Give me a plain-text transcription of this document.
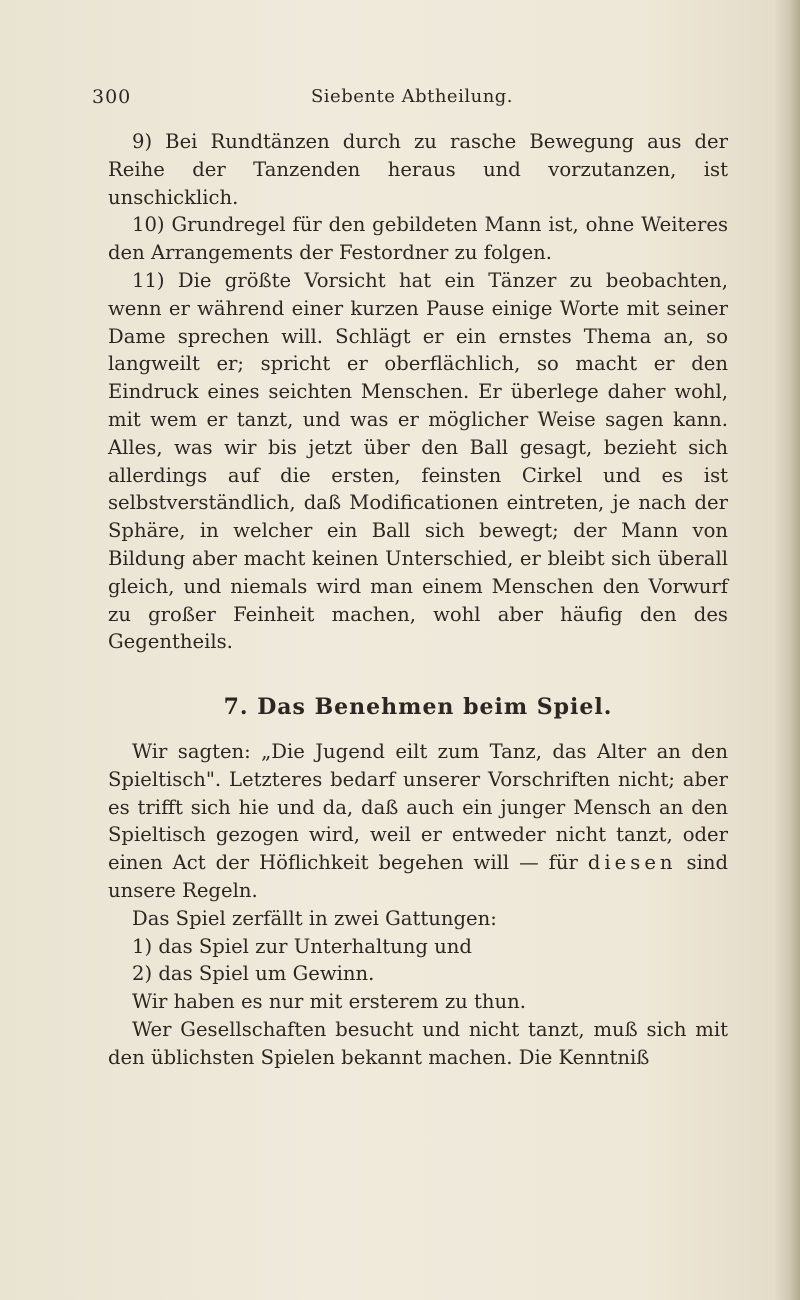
300	Siebente Abtheilung.

9) Bei Rundtänzen durch zu rasche Bewegung aus der Reihe der Tanzenden heraus und vorzutanzen, ist unschicklich.

10) Grundregel für den gebildeten Mann ist, ohne Weiteres den Arrangements der Festordner zu folgen.

11) Die größte Vorsicht hat ein Tänzer zu beobachten, wenn er während einer kurzen Pause einige Worte mit seiner Dame sprechen will. Schlägt er ein ernstes Thema an, so langweilt er; spricht er oberflächlich, so macht er den Eindruck eines seichten Menschen. Er überlege daher wohl, mit wem er tanzt, und was er möglicher Weise sagen kann. Alles, was wir bis jetzt über den Ball gesagt, bezieht sich allerdings auf die ersten, feinsten Cirkel und es ist selbstverständlich, daß Modificationen eintreten, je nach der Sphäre, in welcher ein Ball sich bewegt; der Mann von Bildung aber macht keinen Unterschied, er bleibt sich überall gleich, und niemals wird man einem Menschen den Vorwurf zu großer Feinheit machen, wohl aber häufig den des Gegentheils.

7. Das Benehmen beim Spiel.

Wir sagten: „Die Jugend eilt zum Tanz, das Alter an den Spieltisch". Letzteres bedarf unserer Vorschriften nicht; aber es trifft sich hie und da, daß auch ein junger Mensch an den Spieltisch gezogen wird, weil er entweder nicht tanzt, oder einen Act der Höflichkeit begehen will — für diesen sind unsere Regeln.

Das Spiel zerfällt in zwei Gattungen:

1) das Spiel zur Unterhaltung und

2) das Spiel um Gewinn.

Wir haben es nur mit ersterem zu thun.

Wer Gesellschaften besucht und nicht tanzt, muß sich mit den üblichsten Spielen bekannt machen. Die Kenntniß
